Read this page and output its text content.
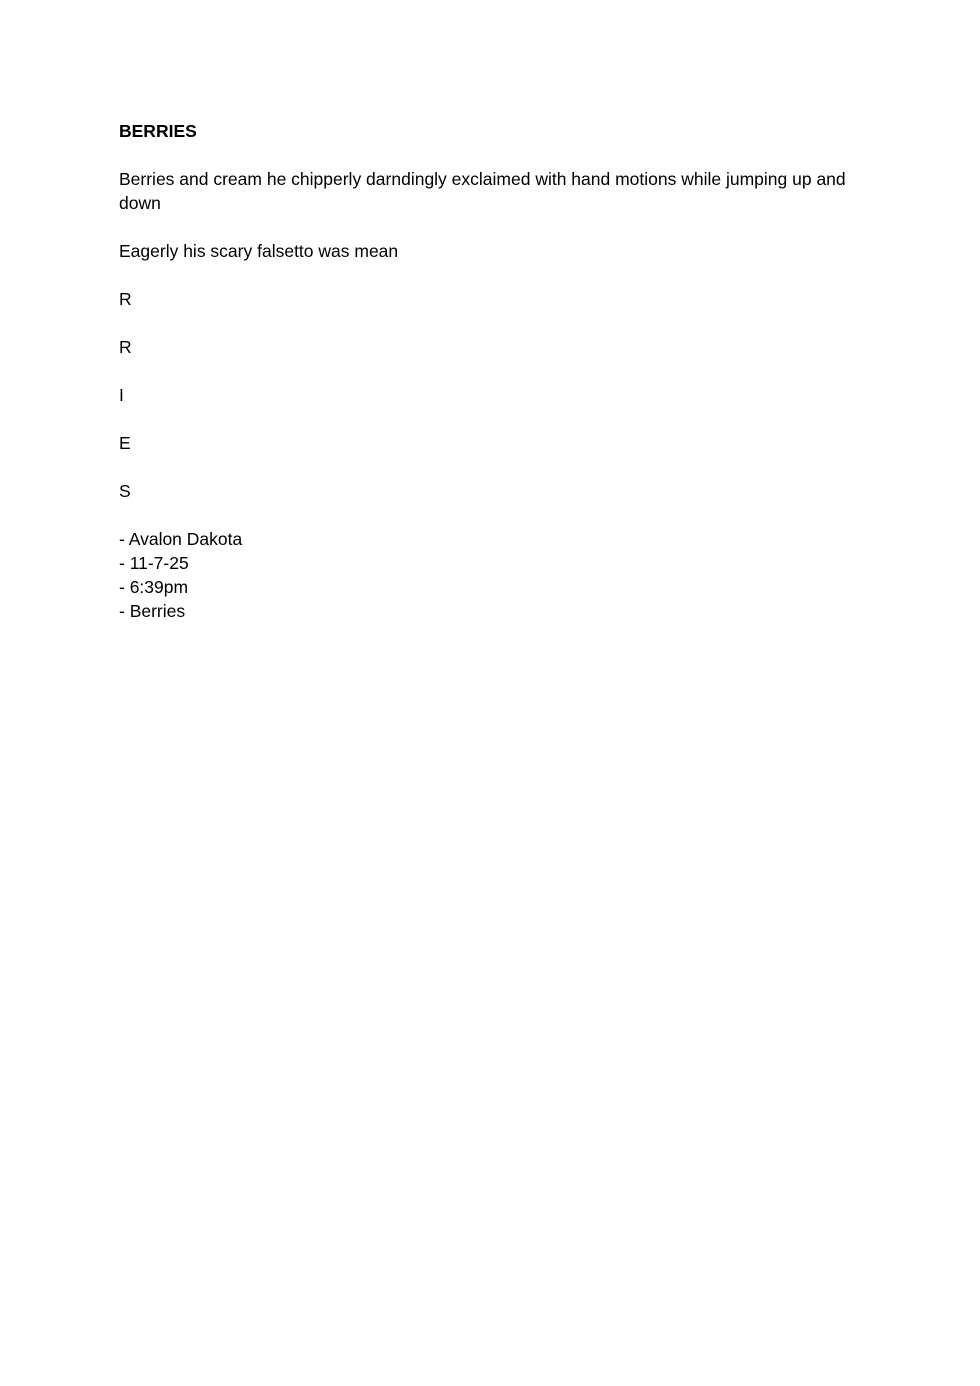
BERRIES
Berries and cream he chipperly darndingly exclaimed with hand motions while jumping up and down
Eagerly his scary falsetto was mean
R
R
I
E
S
- Avalon Dakota
- 11-7-25
- 6:39pm
- Berries
